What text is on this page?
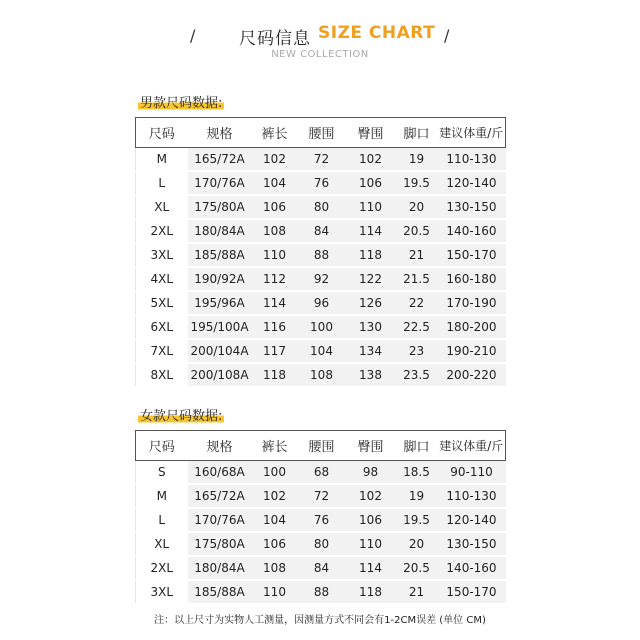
/	尺码信息 SIZE CHART /
NEW COLLECTION
男款尺码数据:
尺码	规格	裤长	腰围	臀围	脚口	建议体重/斤
M	165/72A	102	72	102	19	110-130
L	170/76A	104	76	106	19.5	120-140
XL	175/80A	106	80	110	20	130-150
2XL	180/84A	108	84	114	20.5	140-160
3XL	185/88A	110	88	118	21	150-170
4XL	190/92A	112	92	122	21.5	160-180
5XL	195/96A	114	96	126	22	170-190
6XL	195/100A	116	100	130	22.5	180-200
7XL	200/104A	117	104	134	23	190-210
8XL	200/108A	118	108	138	23.5	200-220
女款尺码数据:
尺码	规格	裤长	腰围	臀围	脚口	建议体重/斤
S	160/68A	100	68	98	18.5	90-110
M	165/72A	102	72	102	19	110-130
L	170/76A	104	76	106	19.5	120-140
XL	175/80A	106	80	110	20	130-150
2XL	180/84A	108	84	114	20.5	140-160
3XL	185/88A	110	88	118	21	150-170
注：以上尺寸为实物人工测量，因测量方式不同会有1-2CM误差 (单位 CM)
